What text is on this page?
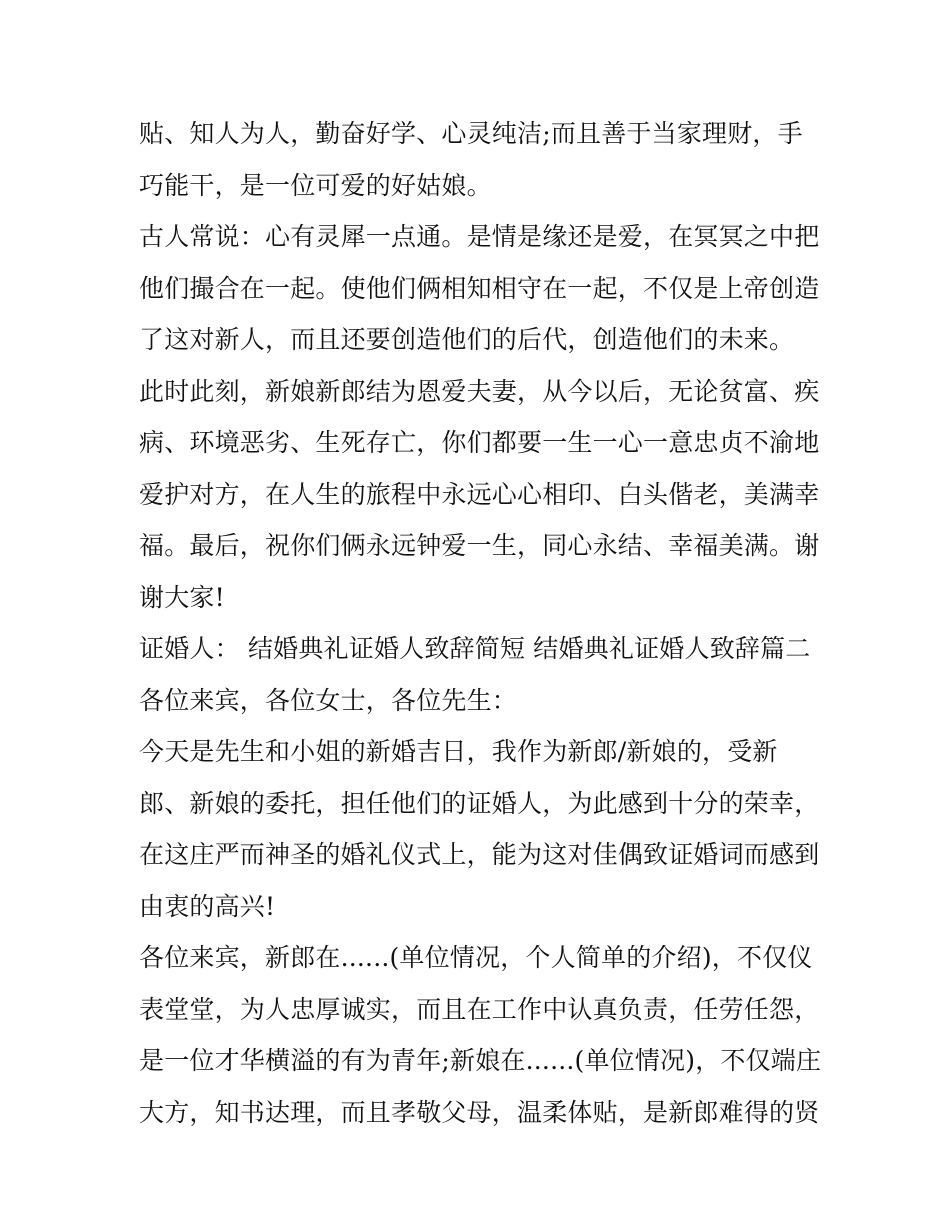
贴、知人为人，勤奋好学、心灵纯洁;而且善于当家理财，手
巧能干，是一位可爱的好姑娘。
古人常说：心有灵犀一点通。是情是缘还是爱，在冥冥之中把
他们撮合在一起。使他们俩相知相守在一起，不仅是上帝创造
了这对新人，而且还要创造他们的后代，创造他们的未来。
此时此刻，新娘新郎结为恩爱夫妻，从今以后，无论贫富、疾
病、环境恶劣、生死存亡，你们都要一生一心一意忠贞不渝地
爱护对方，在人生的旅程中永远心心相印、白头偕老，美满幸
福。最后，祝你们俩永远钟爱一生，同心永结、幸福美满。谢
谢大家!
证婚人： 结婚典礼证婚人致辞简短 结婚典礼证婚人致辞篇二
各位来宾，各位女士，各位先生：
今天是先生和小姐的新婚吉日，我作为新郎/新娘的，受新
郎、新娘的委托，担任他们的证婚人，为此感到十分的荣幸，
在这庄严而神圣的婚礼仪式上，能为这对佳偶致证婚词而感到
由衷的高兴!
各位来宾，新郎在......(单位情况，个人简单的介绍)，不仅仪
表堂堂，为人忠厚诚实，而且在工作中认真负责，任劳任怨，
是一位才华横溢的有为青年;新娘在......(单位情况)，不仅端庄
大方，知书达理，而且孝敬父母，温柔体贴，是新郎难得的贤
